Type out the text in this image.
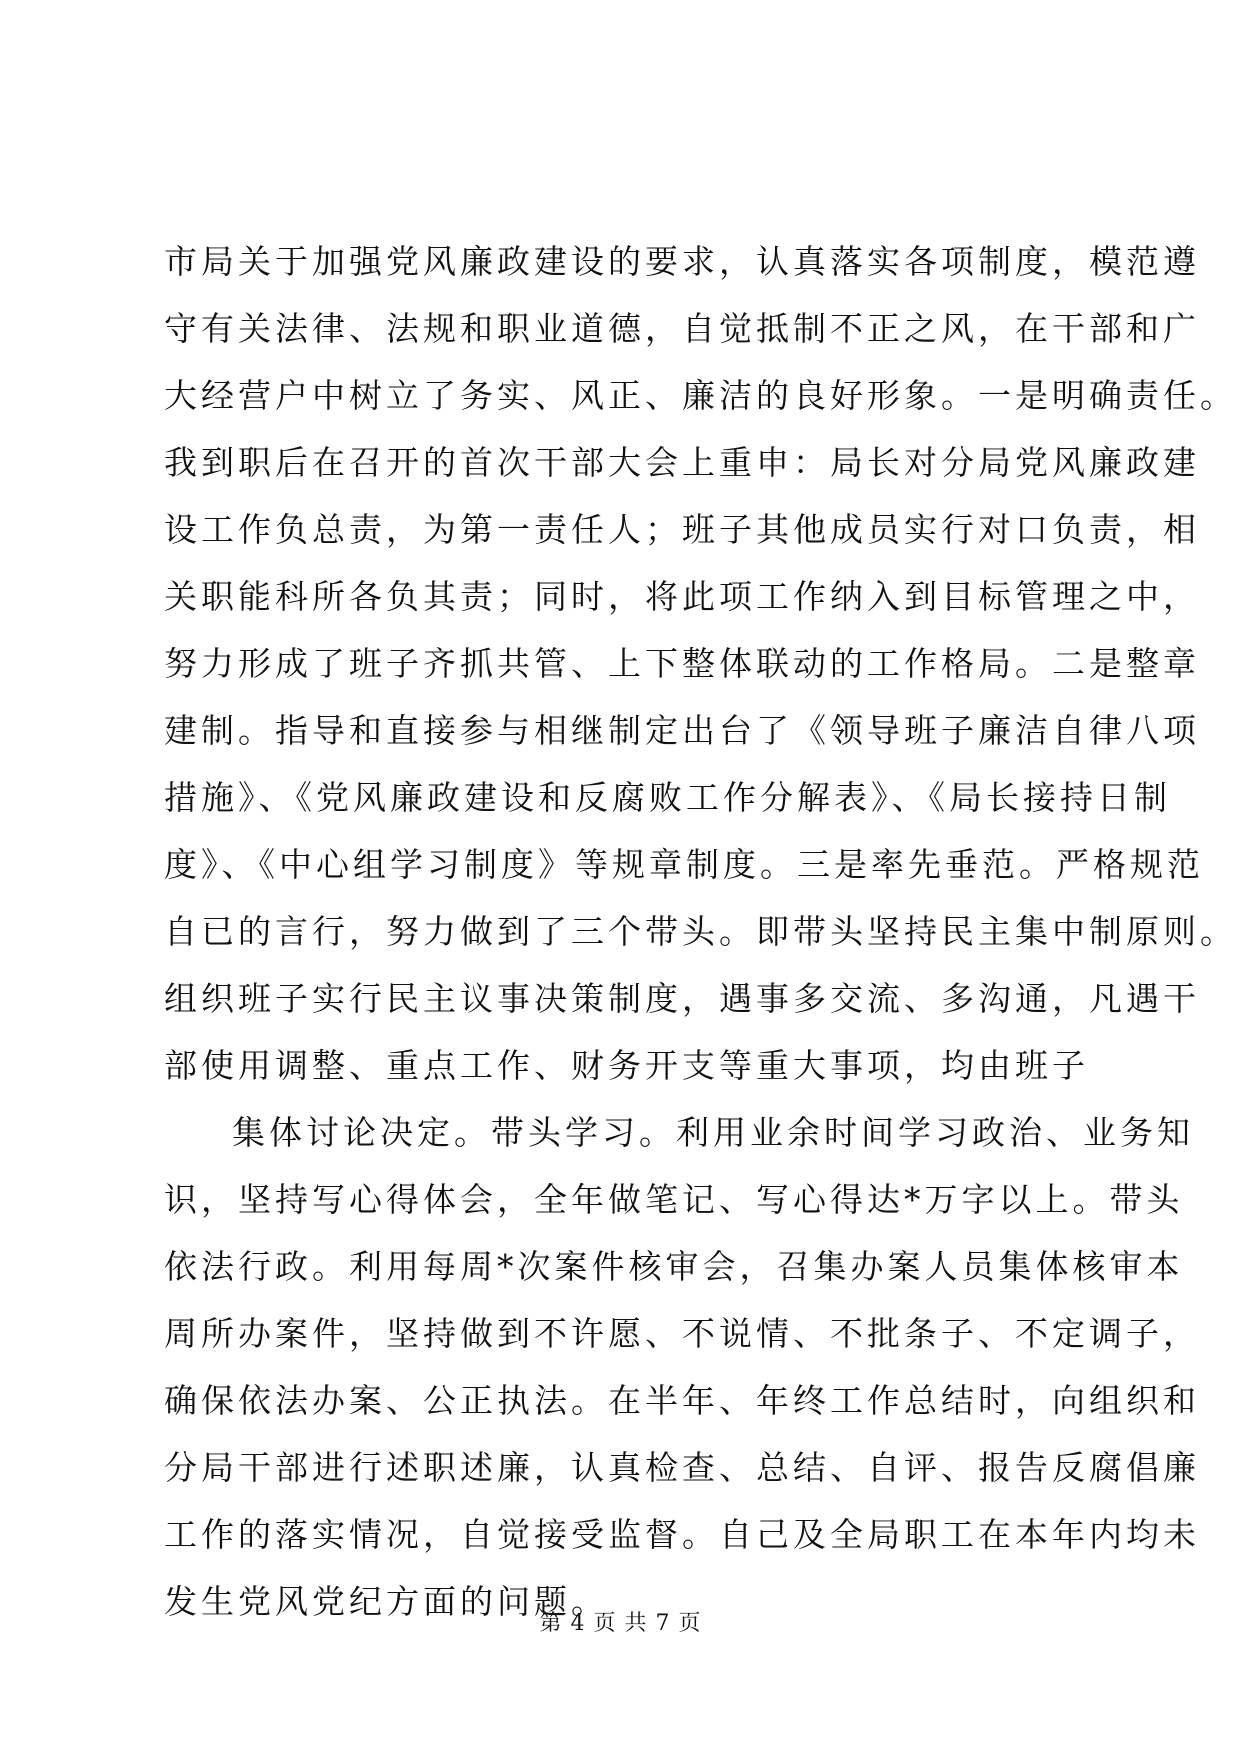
市局关于加强党风廉政建设的要求，认真落实各项制度，模范遵
守有关法律、法规和职业道德，自觉抵制不正之风，在干部和广
大经营户中树立了务实、风正、廉洁的良好形象。一是明确责任。
我到职后在召开的首次干部大会上重申：局长对分局党风廉政建
设工作负总责，为第一责任人；班子其他成员实行对口负责，相
关职能科所各负其责；同时，将此项工作纳入到目标管理之中，
努力形成了班子齐抓共管、上下整体联动的工作格局。二是整章
建制。指导和直接参与相继制定出台了《领导班子廉洁自律八项
措施》、《党风廉政建设和反腐败工作分解表》、《局长接持日制
度》、《中心组学习制度》等规章制度。三是率先垂范。严格规范
自已的言行，努力做到了三个带头。即带头坚持民主集中制原则。
组织班子实行民主议事决策制度，遇事多交流、多沟通，凡遇干
部使用调整、重点工作、财务开支等重大事项，均由班子
集体讨论决定。带头学习。利用业余时间学习政治、业务知
识，坚持写心得体会，全年做笔记、写心得达*万字以上。带头
依法行政。利用每周*次案件核审会，召集办案人员集体核审本
周所办案件，坚持做到不许愿、不说情、不批条子、不定调子，
确保依法办案、公正执法。在半年、年终工作总结时，向组织和
分局干部进行述职述廉，认真检查、总结、自评、报告反腐倡廉
工作的落实情况，自觉接受监督。自己及全局职工在本年内均未
发生党风党纪方面的问题。
第 4 页 共 7 页
